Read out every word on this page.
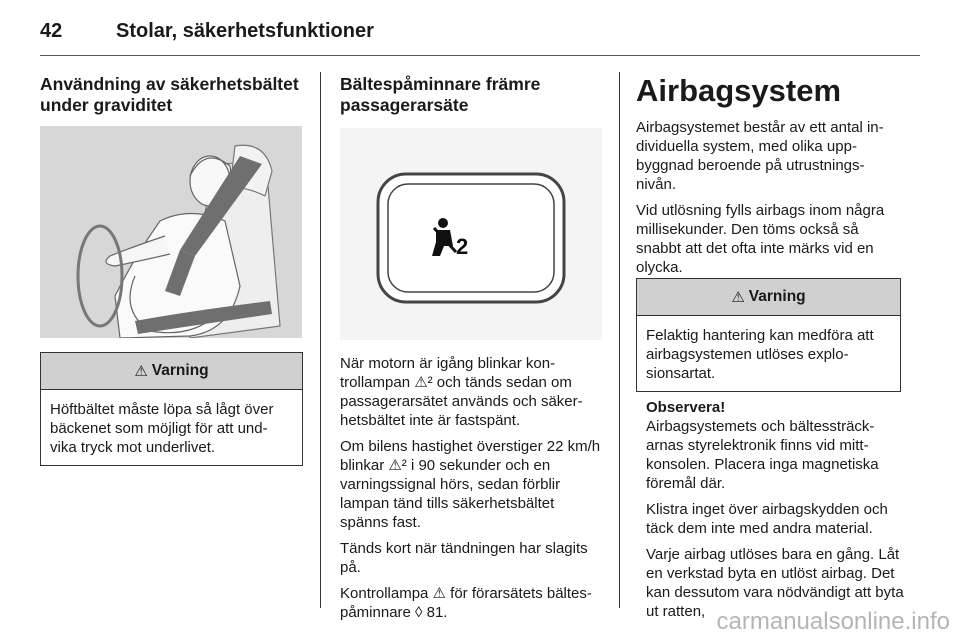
42	Stolar, säkerhetsfunktioner
Användning av säkerhetsbältet under graviditet
⚠ Varning
Höftbältet måste löpa så lågt över bäckenet som möjligt för att und- vika tryck mot underlivet.
Bältespåminnare främre passagerarsäte

När motorn är igång blinkar kon- trollampan ⚠² och tänds sedan om passagerarsätet används och säker- hetsbältet inte är fastspänt.

Om bilens hastighet överstiger 22 km/h blinkar ⚠² i 90 sekunder och en varningssignal hörs, sedan förblir lampan tänd tills säkerhetsbältet spänns fast.

Tänds kort när tändningen har slagits på.

Kontrollampa ⚠ för förarsätets bältes- påminnare ◊ 81.

2
Airbagsystem

Airbagsystemet består av ett antal in- dividuella system, med olika upp- byggnad beroende på utrustnings- nivån.

Vid utlösning fylls airbags inom några millisekunder. Den töms också så snabbt att det ofta inte märks vid en olycka.

Observera!

Airbagsystemets och bältessträck- arnas styrelektronik finns vid mitt- konsolen. Placera inga magnetiska föremål där.

Klistra inget över airbagskydden och täck dem inte med andra material.

Varje airbag utlöses bara en gång. Låt en verkstad byta en utlöst airbag. Det kan dessutom vara nödvändigt att byta ut ratten,

⚠ Varning
Felaktig hantering kan medföra att airbagsystemen utlöses explo- sionsartat.
carmanualsonline.info
